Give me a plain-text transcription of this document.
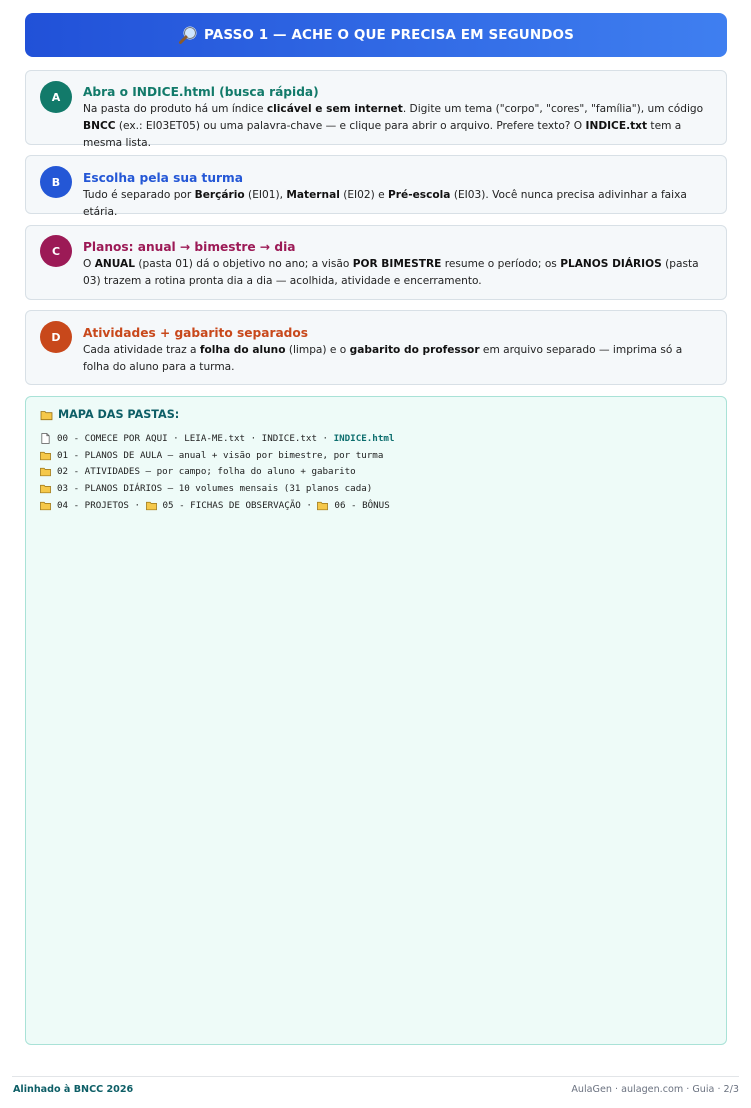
PASSO 1 — ACHE O QUE PRECISA EM SEGUNDOS
A	Abra o INDICE.html (busca rápida)
Na pasta do produto há um índice clicável e sem internet. Digite um tema ("corpo", "cores", "família"), um código BNCC (ex.: EI03ET05) ou uma palavra-chave — e clique para abrir o arquivo. Prefere texto? O INDICE.txt tem a mesma lista.
B	Escolha pela sua turma
Tudo é separado por Berçário (EI01), Maternal (EI02) e Pré-escola (EI03). Você nunca precisa adivinhar a faixa etária.
C	Planos: anual → bimestre → dia
O ANUAL (pasta 01) dá o objetivo no ano; a visão POR BIMESTRE resume o período; os PLANOS DIÁRIOS (pasta 03) trazem a rotina pronta dia a dia — acolhida, atividade e encerramento.
D	Atividades + gabarito separados
Cada atividade traz a folha do aluno (limpa) e o gabarito do professor em arquivo separado — imprima só a folha do aluno para a turma.
MAPA DAS PASTAS:
00 - COMECE POR AQUI · LEIA-ME.txt · INDICE.txt · INDICE.html
01 - PLANOS DE AULA — anual + visão por bimestre, por turma
02 - ATIVIDADES — por campo; folha do aluno + gabarito
03 - PLANOS DIÁRIOS — 10 volumes mensais (31 planos cada)
04 - PROJETOS · 05 - FICHAS DE OBSERVAÇÃO · 06 - BÔNUS
Alinhado à BNCC 2026	AulaGen · aulagen.com · Guia · 2/3
